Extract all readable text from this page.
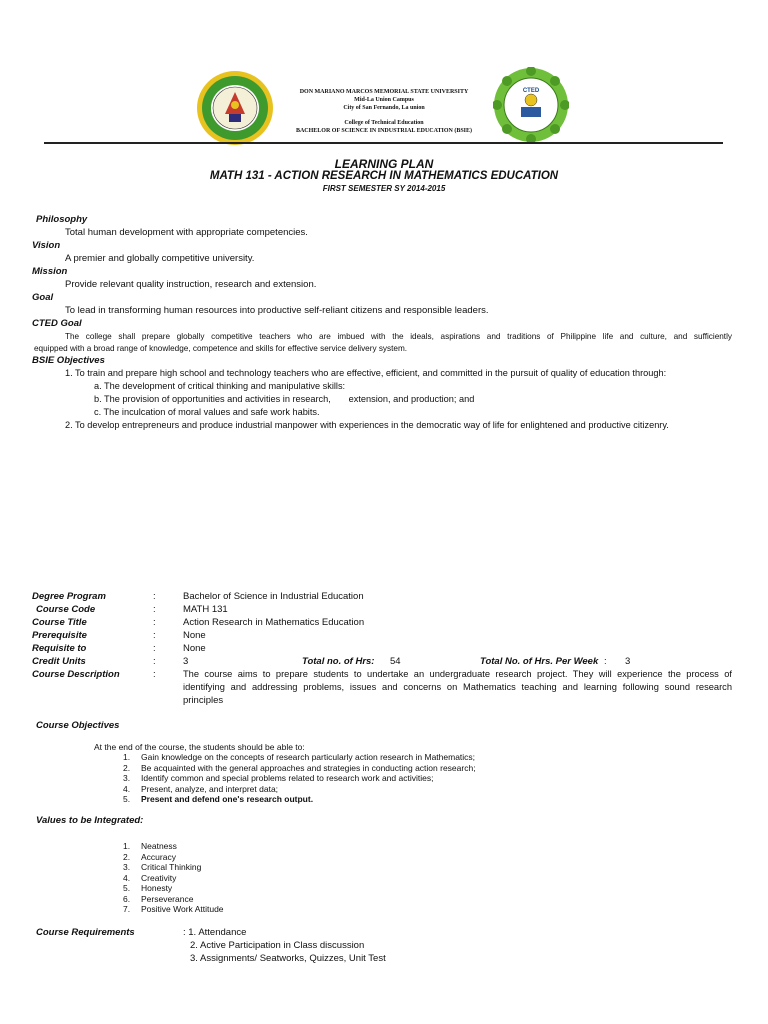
CTED
DON MARIANO MARCOS MEMORIAL STATE UNIVERSITY
Mid-La Union Campus
City of San Fernando, La union
College of Technical Education
BACHELOR OF SCIENCE IN INDUSTRIAL EDUCATION (BSIE)
LEARNING PLAN
MATH 131 - ACTION RESEARCH IN MATHEMATICS EDUCATION
FIRST SEMESTER SY 2014-2015
Philosophy
Total human development with appropriate competencies.
Vision
A premier and globally competitive university.
Mission
Provide relevant quality instruction, research and extension.
Goal
To lead in transforming human resources into productive self-reliant citizens and responsible leaders.
CTED Goal
The college shall prepare globally competitive teachers who are imbued with the ideals, aspirations and traditions of Philippine life and culture, and sufficiently
equipped with a broad range of knowledge, competence and skills for effective service delivery system.
BSIE Objectives
1. To train and prepare high school and technology teachers who are effective, efficient, and committed in the pursuit of quality of education through:
a. The development of critical thinking and manipulative skills:
b. The provision of opportunities and activities in research,       extension, and production; and
c. The inculcation of moral values and safe work habits.
2. To develop entrepreneurs and produce industrial manpower with experiences in the democratic way of life for enlightened and productive citizenry.
Degree Program	:	Bachelor of Science in Industrial Education
Course Code	:	MATH 131
Course Title	:	Action Research in Mathematics Education
Prerequisite	:	None
Requisite to	:	None
Credit Units	:	3	Total no. of Hrs: 54	Total No. of Hrs. Per Week : 3
Course Description	:	The course aims to prepare students to undertake an undergraduate research project. They will experience the process of
identifying and addressing problems, issues and concerns on Mathematics teaching and learning following sound research
principles
Course Objectives
At the end of the course, the students should be able to:
1. Gain knowledge on the concepts of research particularly action research in Mathematics;
2. Be acquainted with the general approaches and strategies in conducting action research;
3. Identify common and special problems related to research work and activities;
4. Present, analyze, and interpret data;
5. Present and defend one's research output.
Values to be Integrated:
1. Neatness
2. Accuracy
3. Critical Thinking
4. Creativity
5. Honesty
6. Perseverance
7. Positive Work Attitude
Course Requirements	: 1. Attendance
2. Active Participation in Class discussion
3. Assignments/ Seatworks, Quizzes, Unit Test
